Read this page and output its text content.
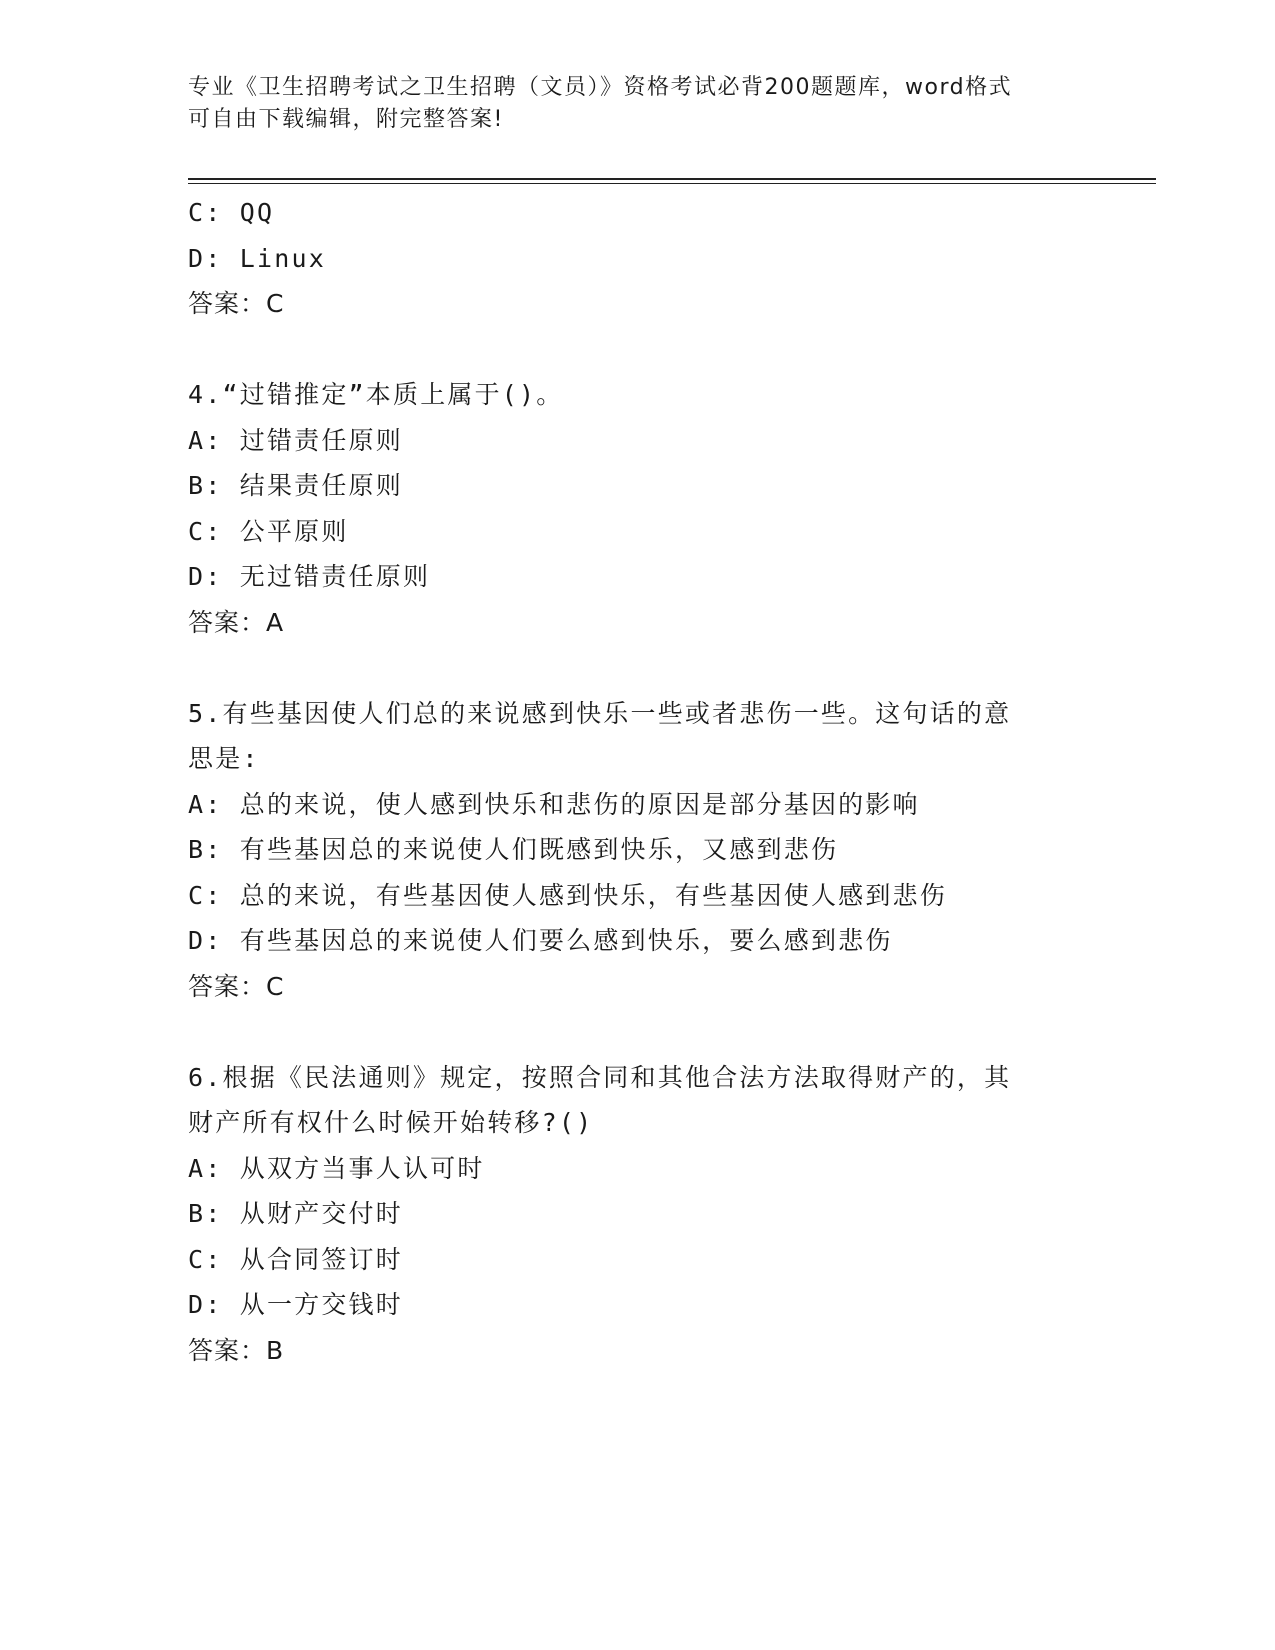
专业《卫生招聘考试之卫生招聘（文员）》资格考试必背200题题库，word格式
可自由下载编辑，附完整答案!
C: QQ
D: Linux
答案：C
4.“过错推定”本质上属于()。
A: 过错责任原则
B: 结果责任原则
C: 公平原则
D: 无过错责任原则
答案：A
5.有些基因使人们总的来说感到快乐一些或者悲伤一些。这句话的意
思是:
A: 总的来说，使人感到快乐和悲伤的原因是部分基因的影响
B: 有些基因总的来说使人们既感到快乐，又感到悲伤
C: 总的来说，有些基因使人感到快乐，有些基因使人感到悲伤
D: 有些基因总的来说使人们要么感到快乐，要么感到悲伤
答案：C
6.根据《民法通则》规定，按照合同和其他合法方法取得财产的，其
财产所有权什么时候开始转移?()
A: 从双方当事人认可时
B: 从财产交付时
C: 从合同签订时
D: 从一方交钱时
答案：B
